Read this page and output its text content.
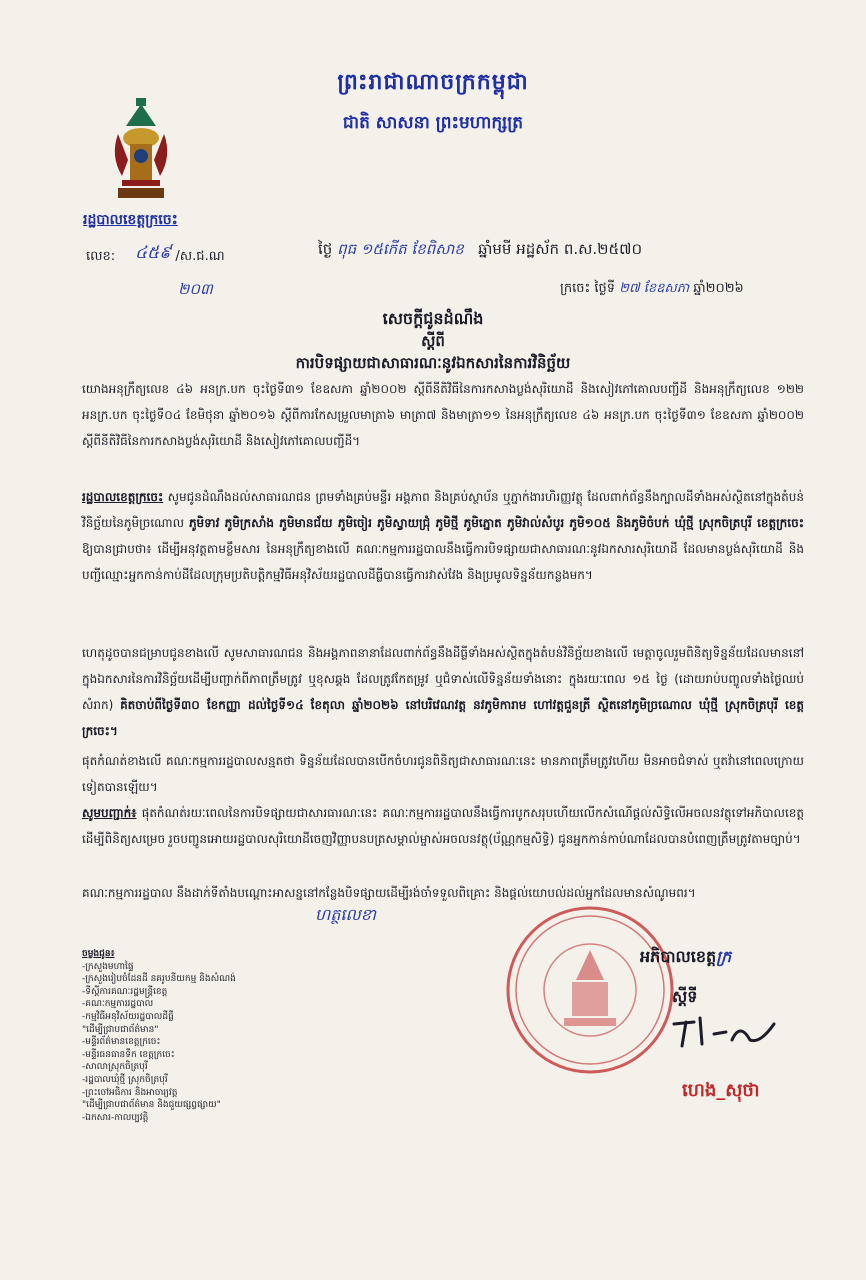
ព្រះរាជាណាចក្រកម្ពុជា
ជាតិ សាសនា ព្រះមហាក្សត្រ
រដ្ឋបាលខេត្តក្រចេះ
លេខ:	/ស.ជ.ណ
៤៥៩
២០៣
ថ្ងៃ ពុធ ១៥កើត ខែពិសាខ ឆ្នាំមមី អដ្ឋស័ក ព.ស.២៥៧០
ក្រចេះ ថ្ងៃទី ២៧ ខែឧសភា ឆ្នាំ២០២៦
សេចក្តីជូនដំណឹង
ស្តីពី
ការបិទផ្សាយជាសាធារណៈនូវឯកសារនៃការវិនិច្ឆ័យ
យោងអនុក្រឹត្យលេខ ៤៦ អនក្រ.បក ចុះថ្ងៃទី៣១ ខែឧសភា ឆ្នាំ២០០២ ស្តីពីនីតិវិធីនៃការកសាងប្លង់សុរិយោដី និងសៀវភៅគោលបញ្ជីដី និងអនុក្រឹត្យលេខ ១២២ អនក្រ.បក ចុះថ្ងៃទី០៤ ខែមិថុនា ឆ្នាំ២០១៦ ស្តីពីការកែសម្រួលមាត្រា៦ មាត្រា៧ និងមាត្រា១១ នៃអនុក្រឹត្យលេខ ៤៦ អនក្រ.បក ចុះថ្ងៃទី៣១ ខែឧសភា ឆ្នាំ២០០២ ស្តីពីនីតិវិធីនៃការកសាងប្លង់សុរិយោដី និងសៀវភៅគោលបញ្ជីដី។
រដ្ឋបាលខេត្តក្រចេះ សូមជូនដំណឹងដល់សាធារណជន ព្រមទាំងគ្រប់មន្ទីរ អង្គភាព និងគ្រប់ស្ថាប័ន ឬភ្នាក់ងារហិរញ្ញវត្ថុ ដែលពាក់ព័ន្ធនឹងក្បាលដីទាំងអស់ស្ថិតនៅក្នុងតំបន់វិនិច្ឆ័យនៃភូមិច្រណោល ភូមិទាវ ភូមិក្រសាំង ភូមិមានជ័យ ភូមិចៀរ ភូមិស្វាយជ្រុំ ភូមិថ្មី ភូមិភ្នោត ភូមិវាល់សំបូរ ភូមិ១០៥ និងភូមិចំបក់ ឃុំថ្មី ស្រុកចិត្របុរី ខេត្តក្រចេះ ឱ្យបានជ្រាបថា៖ ដើម្បីអនុវត្តតាមខ្លឹមសារ នៃអនុក្រឹត្យខាងលើ គណៈកម្មការរដ្ឋបាលនឹងធ្វើការបិទផ្សាយជាសាធារណៈនូវឯកសារសុរិយោដី ដែលមានប្លង់សុរិយោដី និងបញ្ជីឈ្មោះអ្នកកាន់កាប់ដីដែលក្រុមប្រតិបត្តិកម្មវិធីអនុវិស័យរដ្ឋបាលដីធ្លីបានធ្វើការវាស់វែង និងប្រមូលទិន្នន័យកន្លងមក។
ហេតុដូចបានជម្រាបជូនខាងលើ សូមសាធារណជន និងអង្គភាពនានាដែលពាក់ព័ន្ធនឹងដីធ្លីទាំងអស់ស្ថិតក្នុងតំបន់វិនិច្ឆ័យខាងលើ មេត្តាចូលរួមពិនិត្យទិន្នន័យដែលមាននៅក្នុងឯកសារនៃការវិនិច្ឆ័យដើម្បីបញ្ជាក់ពីភាពត្រឹមត្រូវ ឬខុសឆ្គង ដែលត្រូវកែតម្រូវ ឬជំទាស់លើទិន្នន័យទាំងនោះ ក្នុងរយៈពេល ១៥ ថ្ងៃ (ដោយរាប់បញ្ចូលទាំងថ្ងៃឈប់សំរាក) គិតចាប់ពីថ្ងៃទី៣០ ខែកញ្ញា ដល់ថ្ងៃទី១៤ ខែតុលា ឆ្នាំ២០២៦ នៅបរិវេណវត្ត នវភូមិការាម ហៅវត្តជួនត្រី ស្ថិតនៅភូមិច្រណោល ឃុំថ្មី ស្រុកចិត្របុរី ខេត្តក្រចេះ។
ផុតកំណត់ខាងលើ គណៈកម្មការរដ្ឋបាលសន្មតថា ទិន្នន័យដែលបានបើកចំហរជូនពិនិត្យជាសាធារណៈនេះ មានភាពត្រឹមត្រូវហើយ មិនអាចជំទាស់ ឬតវ៉ានៅពេលក្រោយទៀតបានឡើយ។
សូមបញ្ជាក់៖ ផុតកំណត់រយៈពេលនៃការបិទផ្សាយជាសារធារណៈនេះ គណៈកម្មការរដ្ឋបាលនឹងធ្វើការបូកសរុបហើយលើកសំណើផ្តល់សិទ្ធិលើអចលនវត្ថុទៅអភិបាលខេត្តដើម្បីពិនិត្យសម្រេច រួចបញ្ជូនអោយរដ្ឋបាលសុរិយោដីចេញវិញ្ញាបនបត្រសម្គាល់ម្ចាស់អចលនវត្ថុ(ប័ណ្ណកម្មសិទ្ធិ) ជូនអ្នកកាន់កាប់ណាដែលបានបំពេញត្រឹមត្រូវតាមច្បាប់។
គណៈកម្មការរដ្ឋបាល នឹងដាក់ទីតាំងបណ្តោះអាសន្ននៅកន្លែងបិទផ្សាយដើម្បីរង់ចាំទទួលពិគ្រោះ និងផ្តល់យោបល់ដល់អ្នកដែលមានសំណូមពរ។
ហត្ថលេខា
ចម្លងជូន៖
-ក្រសួងមហាផ្ទៃ
-ក្រសួងរៀបចំដែនដី នគរូបនីយកម្ម និងសំណង់
-ទីស្តីការគណៈរដ្ឋមន្ត្រីខេត្ត
-គណៈកម្មការរដ្ឋបាល
-កម្មវិធីអនុវិស័យរដ្ឋបាលដីធ្លី
"ដើម្បីជ្រាបជាព័ត៌មាន"
-មន្ទីរព័ត៌មានខេត្តក្រចេះ
-មន្ទីរធនធានទឹក ខេត្តក្រចេះ
-សាលាស្រុកចិត្របុរី
-រដ្ឋបាលឃុំថ្មី ស្រុកចិត្របុរី
-ព្រះចៅអធិការ និងអាចារ្យវត្ត
"ដើម្បីជ្រាបជាព័ត៌មាន និងជួយផ្សព្វផ្សាយ"
-ឯកសារ-កាលប្បវត្តិ
អភិបាលខេត្តក្រ
ស្តីទី
ហេង_សុថា
